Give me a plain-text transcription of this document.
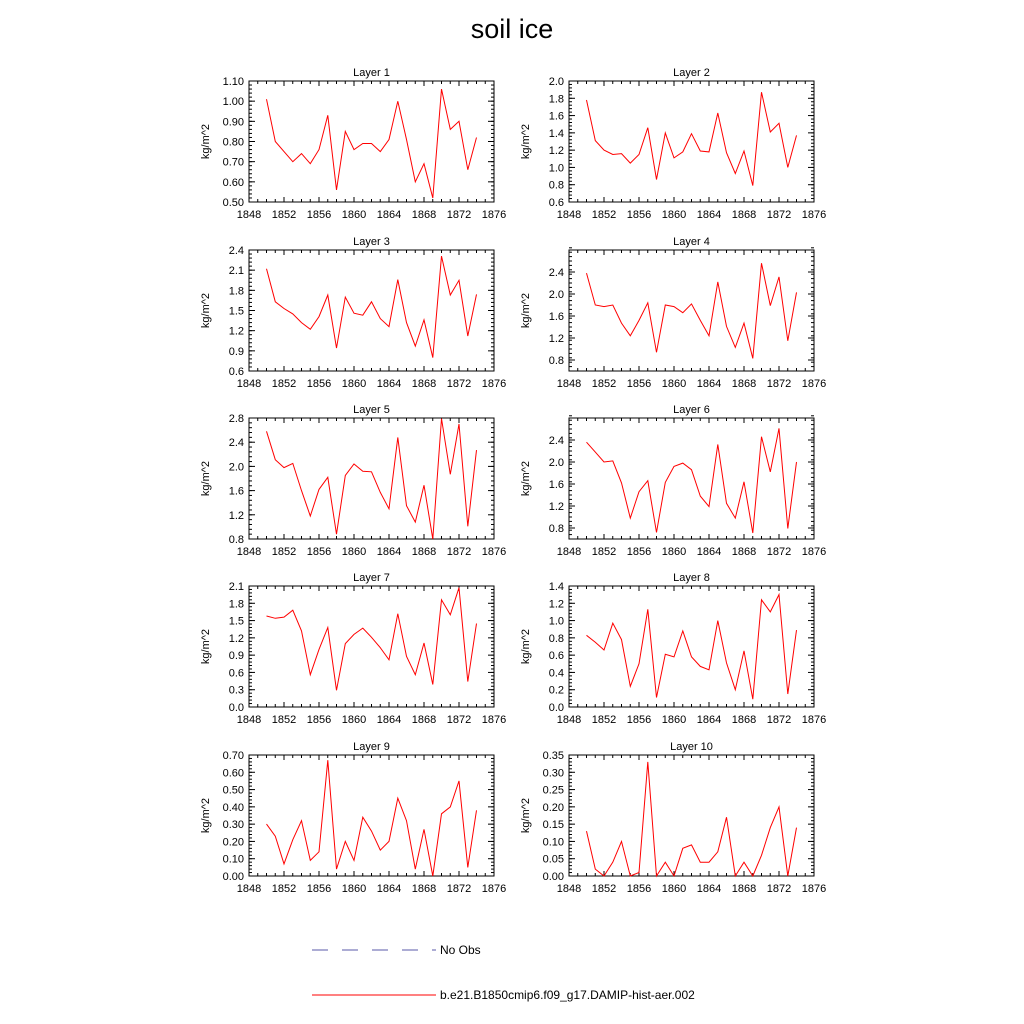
soil ice
Layer 1
kg/m^2
1848 1852 1856 1860 1864 1868 1872 1876
0.50
0.60
0.70
0.80
0.90
1.00
1.10
Layer 2
kg/m^2
1848 1852 1856 1860 1864 1868 1872 1876
0.6
0.8
1.0
1.2
1.4
1.6
1.8
2.0
Layer 3
kg/m^2
1848 1852 1856 1860 1864 1868 1872 1876
0.6
0.9
1.2
1.5
1.8
2.1
2.4
Layer 4
kg/m^2
1848 1852 1856 1860 1864 1868 1872 1876
0.8
1.2
1.6
2.0
2.4
Layer 5
kg/m^2
1848 1852 1856 1860 1864 1868 1872 1876
0.8
1.2
1.6
2.0
2.4
2.8
Layer 6
kg/m^2
1848 1852 1856 1860 1864 1868 1872 1876
0.8
1.2
1.6
2.0
2.4
Layer 7
kg/m^2
1848 1852 1856 1860 1864 1868 1872 1876
0.0
0.3
0.6
0.9
1.2
1.5
1.8
2.1
Layer 8
kg/m^2
1848 1852 1856 1860 1864 1868 1872 1876
0.0
0.2
0.4
0.6
0.8
1.0
1.2
1.4
Layer 9
kg/m^2
1848 1852 1856 1860 1864 1868 1872 1876
0.00
0.10
0.20
0.30
0.40
0.50
0.60
0.70
Layer 10
kg/m^2
1848 1852 1856 1860 1864 1868 1872 1876
0.00
0.05
0.10
0.15
0.20
0.25
0.30
0.35
No Obs
b.e21.B1850cmip6.f09_g17.DAMIP-hist-aer.002
